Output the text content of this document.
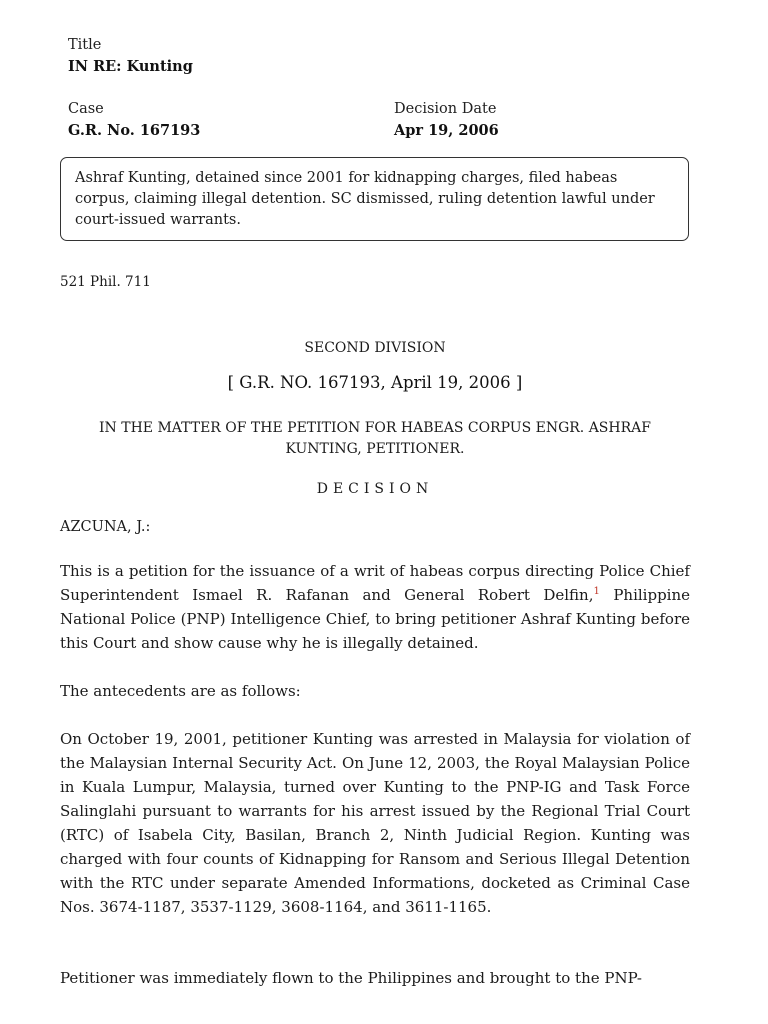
Title
IN RE: Kunting
Case
G.R. No. 167193
Decision Date
Apr 19, 2006
Ashraf Kunting, detained since 2001 for kidnapping charges, filed habeas corpus, claiming illegal detention. SC dismissed, ruling detention lawful under court-issued warrants.
521 Phil. 711
SECOND DIVISION
[ G.R. NO. 167193, April 19, 2006 ]
IN THE MATTER OF THE PETITION FOR HABEAS CORPUS ENGR. ASHRAF KUNTING, PETITIONER.
DECISION
AZCUNA, J.:
This is a petition for the issuance of a writ of habeas corpus directing Police Chief Superintendent Ismael R. Rafanan and General Robert Delfin,$^1$ Philippine National Police (PNP) Intelligence Chief, to bring petitioner Ashraf Kunting before this Court and show cause why he is illegally detained.
The antecedents are as follows:
On October 19, 2001, petitioner Kunting was arrested in Malaysia for violation of the Malaysian Internal Security Act. On June 12, 2003, the Royal Malaysian Police in Kuala Lumpur, Malaysia, turned over Kunting to the PNP-IG and Task Force Salinglahi pursuant to warrants for his arrest issued by the Regional Trial Court (RTC) of Isabela City, Basilan, Branch 2, Ninth Judicial Region. Kunting was charged with four counts of Kidnapping for Ransom and Serious Illegal Detention with the RTC under separate Amended Informations, docketed as Criminal Case Nos. 3674-1187, 3537-1129, 3608-1164, and 3611-1165.
Petitioner was immediately flown to the Philippines and brought to the PNP-
